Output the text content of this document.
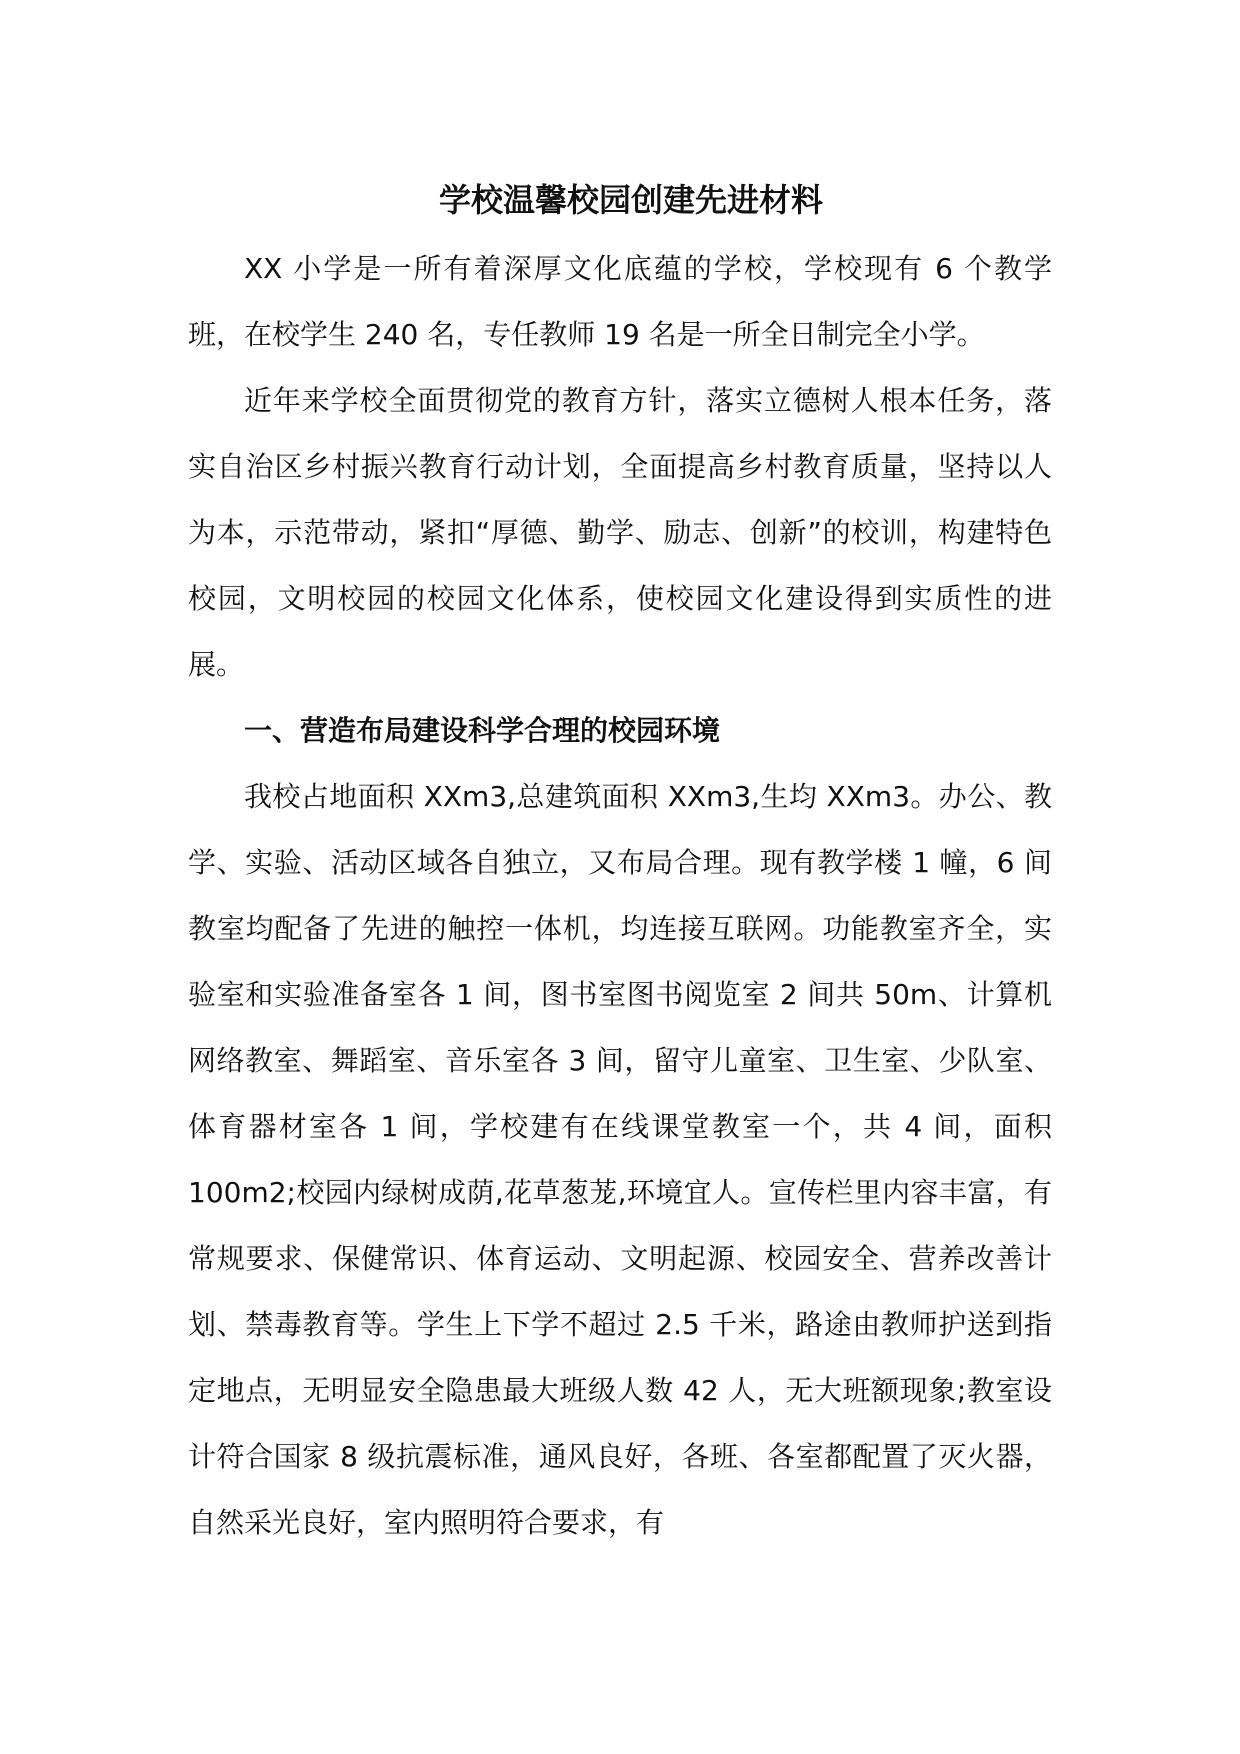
学校温馨校园创建先进材料

XX 小学是一所有着深厚文化底蕴的学校，学校现有 6 个教学班，在校学生 240 名，专任教师 19 名是一所全日制完全小学。

近年来学校全面贯彻党的教育方针，落实立德树人根本任务，落实自治区乡村振兴教育行动计划，全面提高乡村教育质量，坚持以人为本，示范带动，紧扣“厚德、勤学、励志、创新”的校训，构建特色校园，文明校园的校园文化体系，使校园文化建设得到实质性的进展。

一、营造布局建设科学合理的校园环境

我校占地面积 XXm3,总建筑面积 XXm3,生均 XXm3。办公、教学、实验、活动区域各自独立，又布局合理。现有教学楼 1 幢，6 间教室均配备了先进的触控一体机，均连接互联网。功能教室齐全，实验室和实验准备室各 1 间，图书室图书阅览室 2 间共 50m、计算机网络教室、舞蹈室、音乐室各 3 间，留守儿童室、卫生室、少队室、体育器材室各 1 间，学校建有在线课堂教室一个，共 4 间，面积 100m2;校园内绿树成荫,花草葱茏,环境宜人。宣传栏里内容丰富，有常规要求、保健常识、体育运动、文明起源、校园安全、营养改善计划、禁毒教育等。学生上下学不超过 2.5 千米，路途由教师护送到指定地点，无明显安全隐患最大班级人数 42 人，无大班额现象;教室设计符合国家 8 级抗震标准，通风良好，各班、各室都配置了灭火器，自然采光良好，室内照明符合要求，有
